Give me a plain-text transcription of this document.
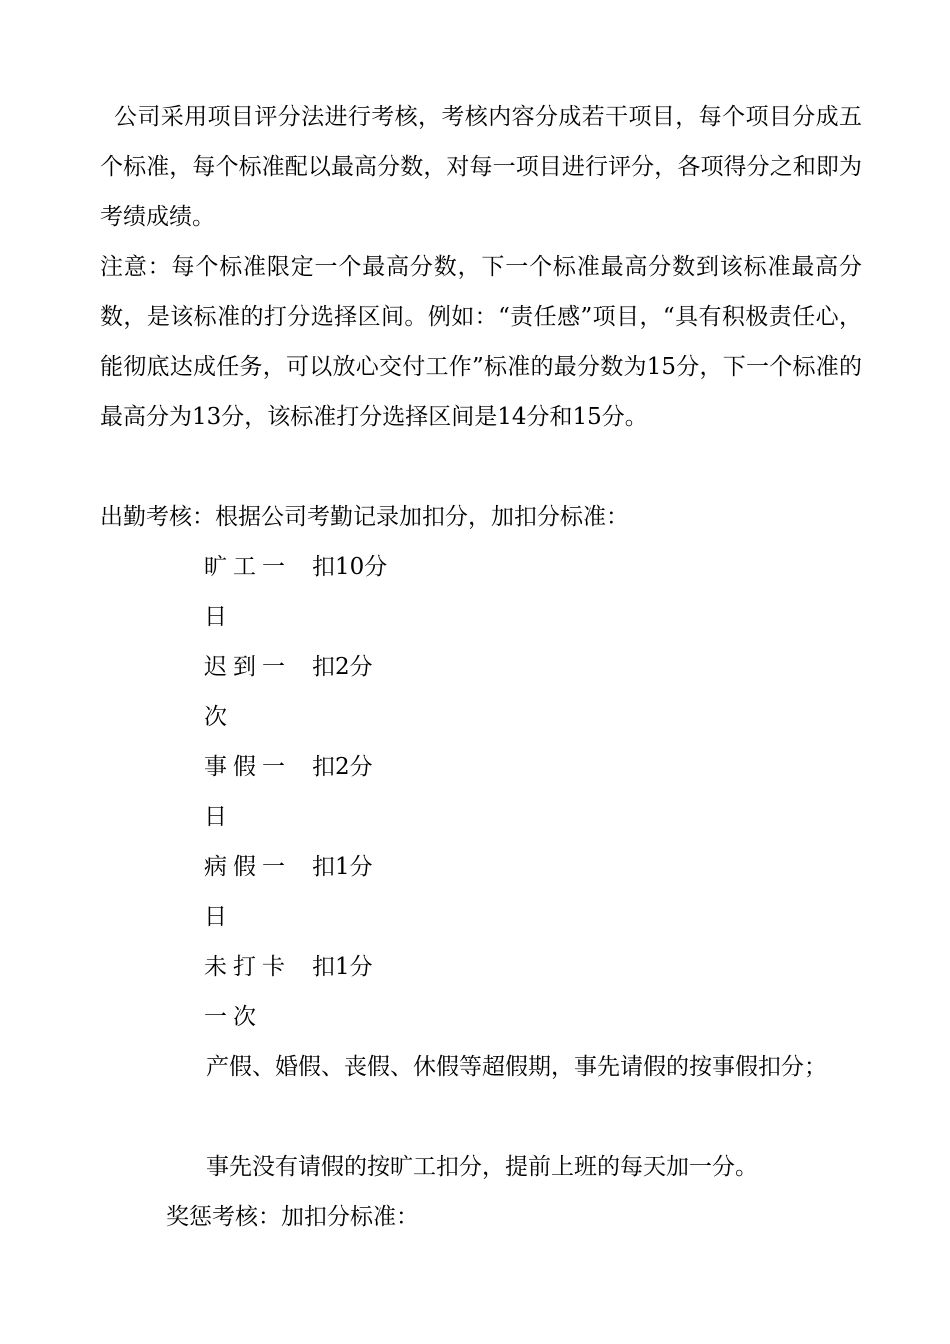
公司采用项目评分法进行考核，考核内容分成若干项目，每个项目分成五个标准，每个标准配以最高分数，对每一项目进行评分，各项得分之和即为考绩成绩。

注意：每个标准限定一个最高分数，下一个标准最高分数到该标准最高分数，是该标准的打分选择区间。例如：“责任感”项目，“具有积极责任心，能彻底达成任务，可以放心交付工作”标准的最分数为15分，下一个标准的最高分为13分，该标准打分选择区间是14分和15分。

出勤考核：根据公司考勤记录加扣分，加扣分标准：

旷工一日
扣10分
迟到一次
扣2分
事假一日
扣2分
病假一日
扣1分
未打卡一次
扣1分

产假、婚假、丧假、休假等超假期，事先请假的按事假扣分；

事先没有请假的按旷工扣分，提前上班的每天加一分。

奖惩考核：加扣分标准：
